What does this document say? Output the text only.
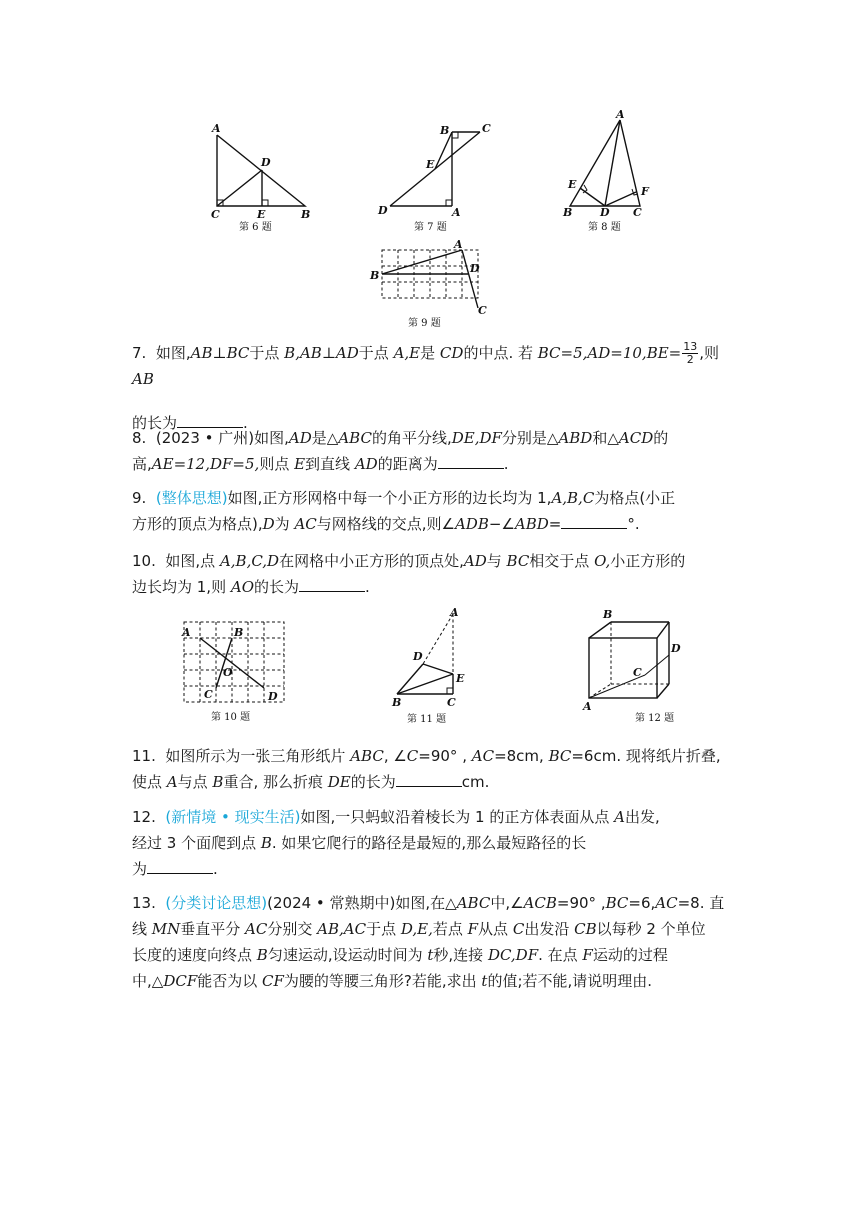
A
D
C	E	B
第 6 题
B	C
E
D	A
第 7 题
A
E
F
B	D C
第 8 题
A
B
D
C
第 9 题

7. 如图,AB⊥BC于点 B,AB⊥AD于点 A,E是 CD的中点. 若 $BC=5,AD=10,BE= \frac{13}{2}$ ,则 AB

的长为	.

8. (2023 • 广州)如图,AD是△ABC的角平分线,DE,DF分别是△ABD和△ACD的

高,AE=12,DF=5,则点 E到直线 AD的距离为	.

9. (整体思想)如图,正方形网格中每一个小正方形的边长均为 1,A,B,C为格点(小正

方形的顶点为格点),D为 AC与网格线的交点,则∠ADB−∠ABD=	°.

10. 如图,点 A,B,C,D在网格中小正方形的顶点处,AD与 BC相交于点 O,小正方形的

边长均为 1,则 AO的长为	.

A	B
O
C	D
第 10 题
A
D
E
B	C
第 11 题
B
C
D
A
第 12 题

11. 如图所示为一张三角形纸片 ABC, ∠C=90° , AC=8cm, BC=6cm. 现将纸片折叠,

使点 A与点 B重合, 那么折痕 DE的长为	cm.

12. (新情境 • 现实生活)如图,一只蚂蚁沿着棱长为 1 的正方体表面从点 A出发,

经过 3 个面爬到点 B. 如果它爬行的路径是最短的,那么最短路径的长

为	.

13. (分类讨论思想)(2024 • 常熟期中)如图,在△ABC中,∠ACB=90° ,BC=6,AC=8. 直

线 MN垂直平分 AC分别交 AB,AC于点 D,E,若点 F从点 C出发沿 CB以每秒 2 个单位

长度的速度向终点 B匀速运动,设运动时间为 t秒,连接 DC,DF. 在点 F运动的过程

中,△DCF能否为以 CF为腰的等腰三角形?若能,求出 t的值;若不能,请说明理由.
